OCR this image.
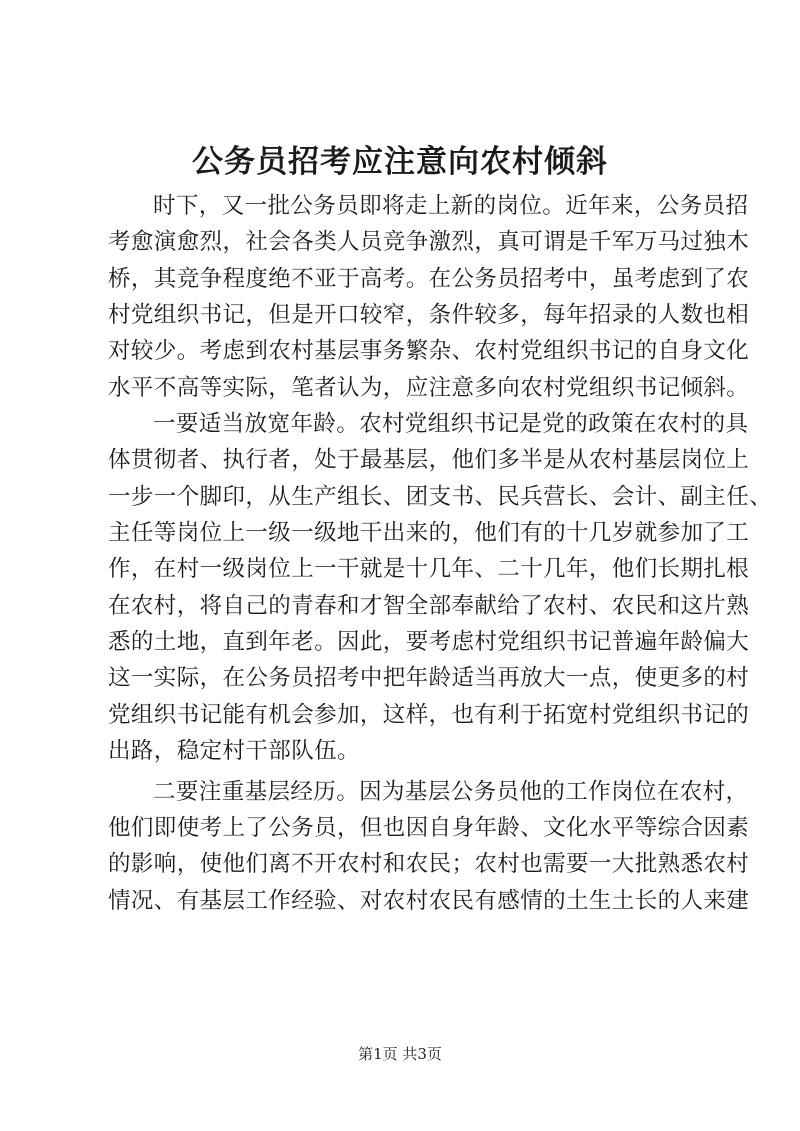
公务员招考应注意向农村倾斜
时下，又一批公务员即将走上新的岗位。近年来，公务员招
考愈演愈烈，社会各类人员竞争激烈，真可谓是千军万马过独木
桥，其竞争程度绝不亚于高考。在公务员招考中，虽考虑到了农
村党组织书记，但是开口较窄，条件较多，每年招录的人数也相
对较少。考虑到农村基层事务繁杂、农村党组织书记的自身文化
水平不高等实际，笔者认为，应注意多向农村党组织书记倾斜。
一要适当放宽年龄。农村党组织书记是党的政策在农村的具
体贯彻者、执行者，处于最基层，他们多半是从农村基层岗位上
一步一个脚印，从生产组长、团支书、民兵营长、会计、副主任、
主任等岗位上一级一级地干出来的，他们有的十几岁就参加了工
作，在村一级岗位上一干就是十几年、二十几年，他们长期扎根
在农村，将自己的青春和才智全部奉献给了农村、农民和这片熟
悉的土地，直到年老。因此，要考虑村党组织书记普遍年龄偏大
这一实际，在公务员招考中把年龄适当再放大一点，使更多的村
党组织书记能有机会参加，这样，也有利于拓宽村党组织书记的
出路，稳定村干部队伍。
二要注重基层经历。因为基层公务员他的工作岗位在农村，
他们即使考上了公务员，但也因自身年龄、文化水平等综合因素
的影响，使他们离不开农村和农民；农村也需要一大批熟悉农村
情况、有基层工作经验、对农村农民有感情的土生土长的人来建
第1页 共3页
